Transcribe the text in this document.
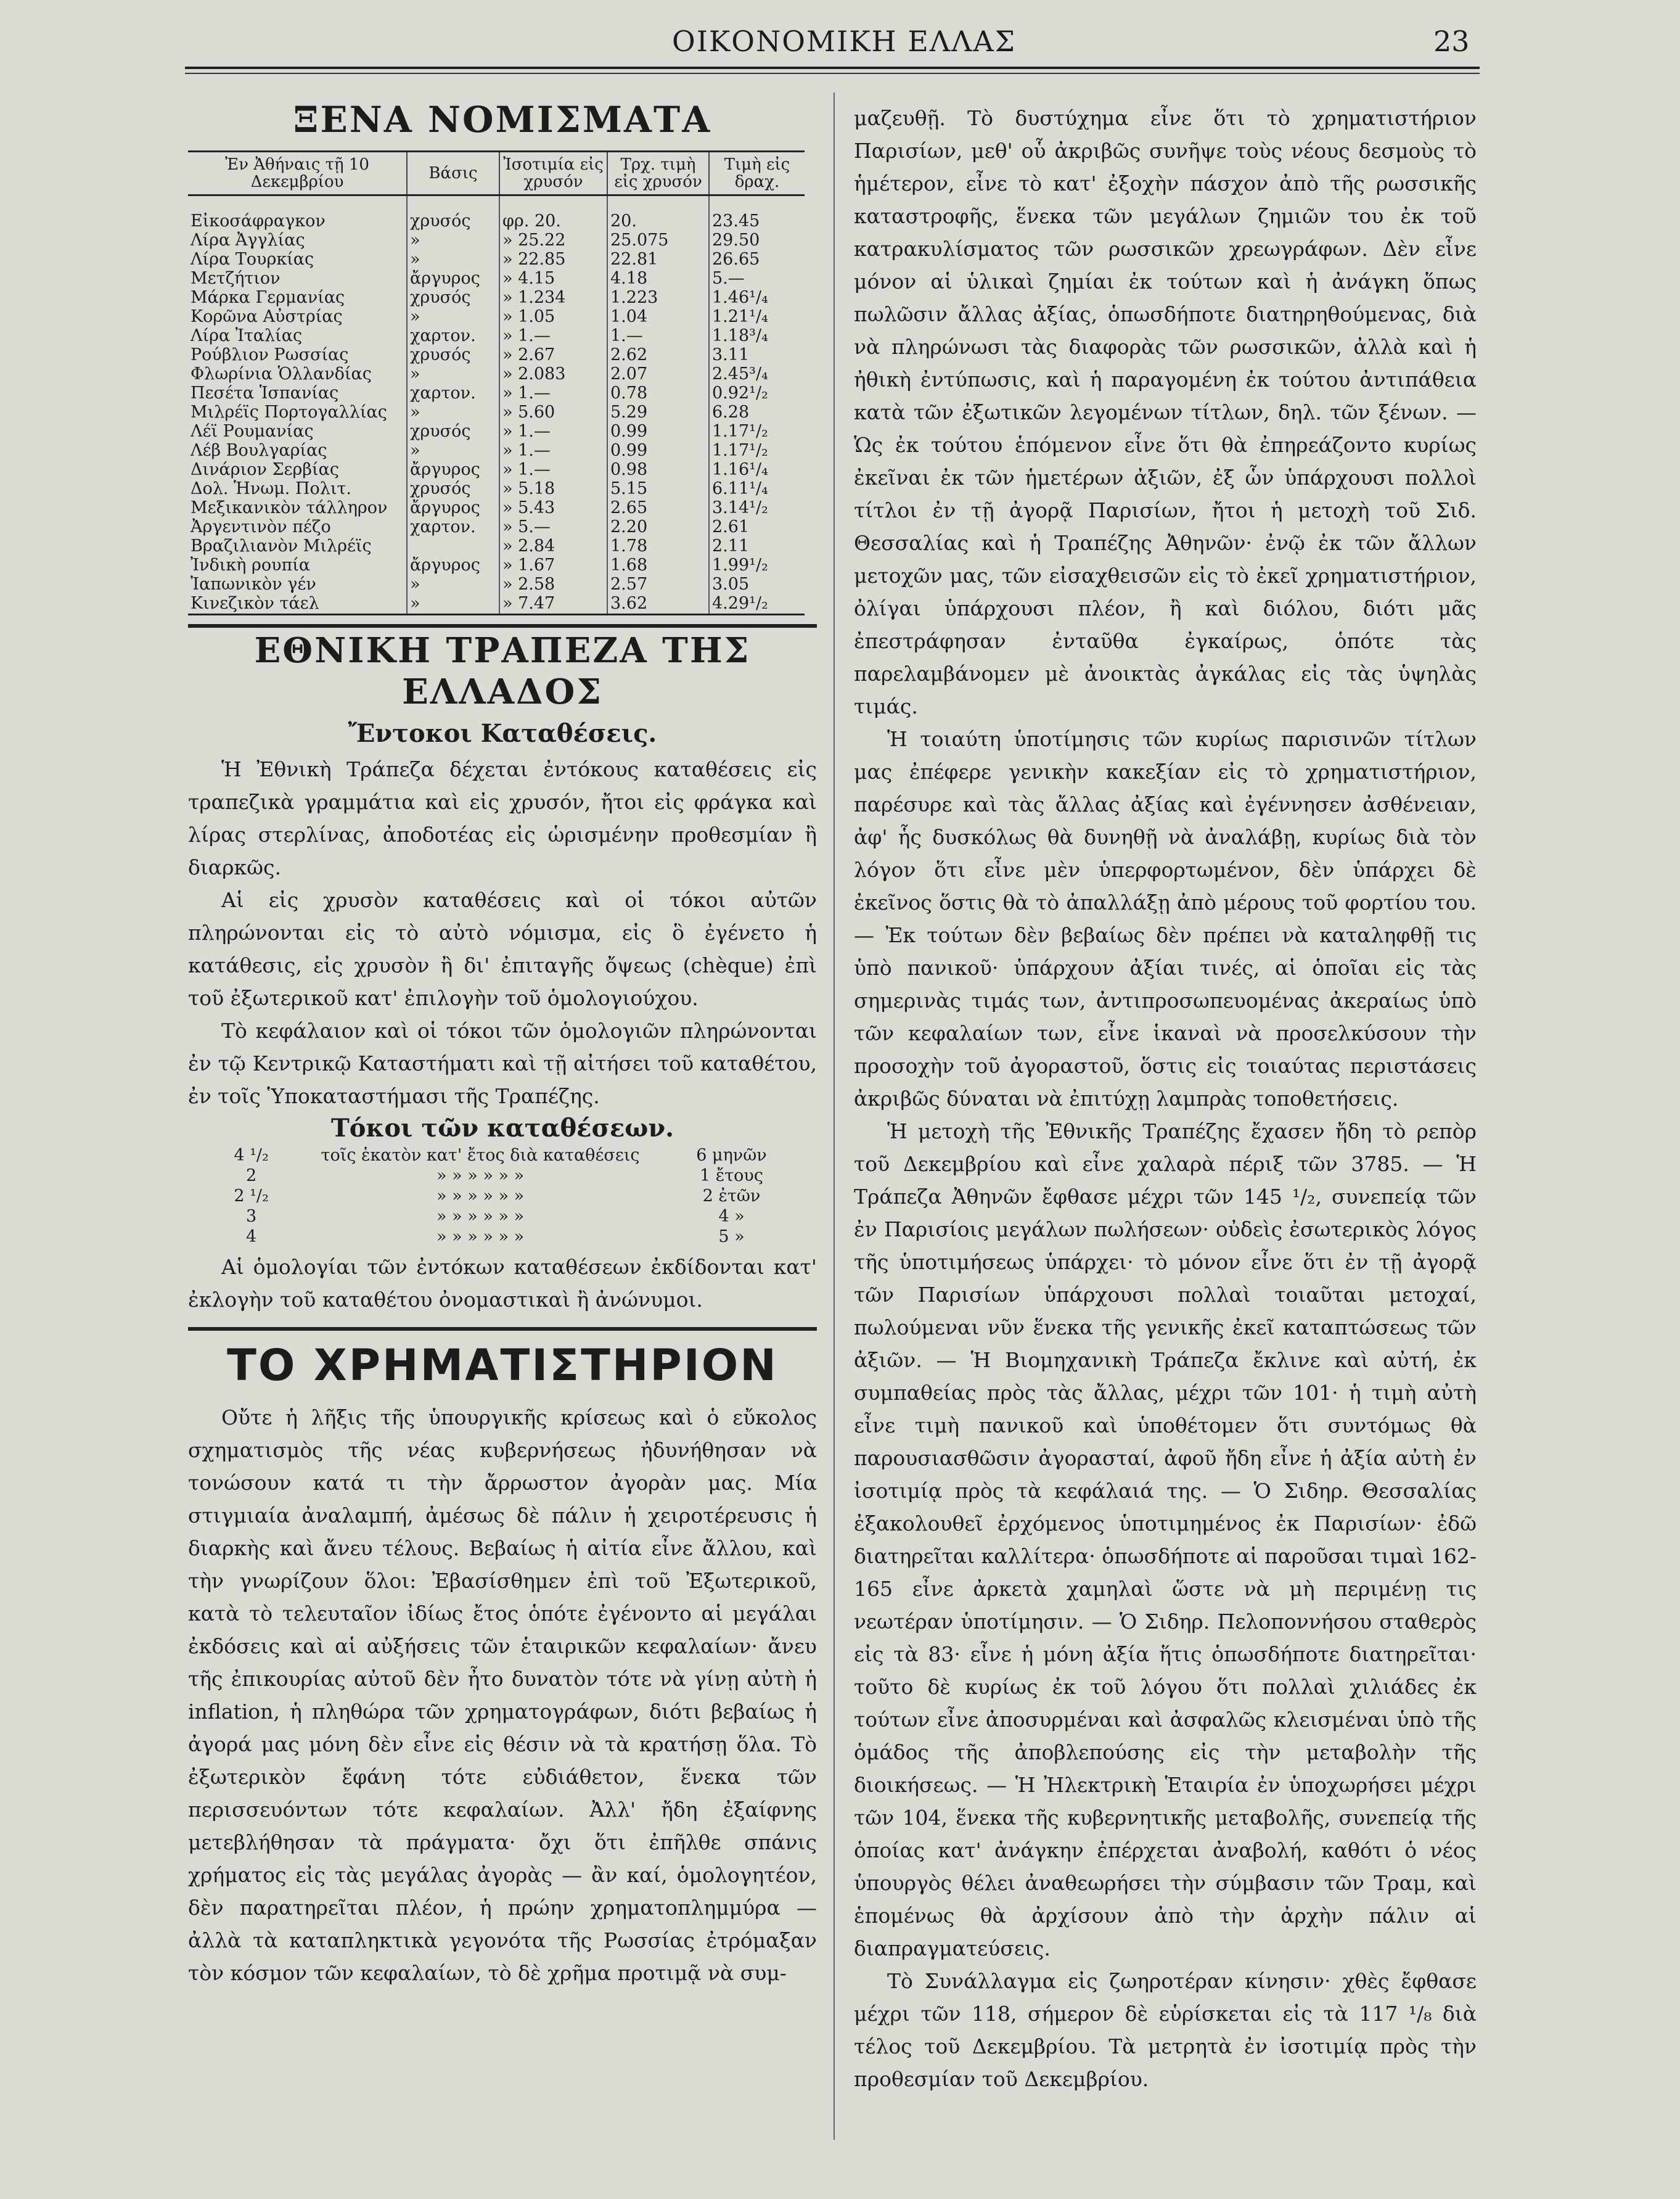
ΟΙΚΟΝΟΜΙΚΗ ΕΛΛΑΣ	23
ΞΕΝΑ ΝΟΜΙΣΜΑΤΑ
Ἐν Ἀθήναις τῇ 10 Δεκεμβρίου	Βάσις	Ἰσοτιμία εἰς χρυσόν	Τρχ. τιμὴ εἰς χρυσόν	Τιμὴ εἰς δραχ.
Εἰκοσάφραγκον	χρυσός	φρ. 20.	20.	23.45
Λίρα Ἀγγλίας	»	» 25.22	25.075	29.50
Λίρα Τουρκίας	»	» 22.85	22.81	26.65
Μετζήτιον	ἄργυρος	» 4.15	4.18	5.—
Μάρκα Γερμανίας	χρυσός	» 1.234	1.223	1.46¹/₄
Κορῶνα Αὐστρίας	»	» 1.05	1.04	1.21¹/₄
Λίρα Ἰταλίας	χαρτον.	» 1.—	1.—	1.18³/₄
Ρούβλιον Ρωσσίας	χρυσός	» 2.67	2.62	3.11
Φλωρίνια Ὁλλανδίας	»	» 2.083	2.07	2.45³/₄
Πεσέτα Ἱσπανίας	χαρτον.	» 1.—	0.78	0.92¹/₂
Μιλρέϊς Πορτογαλλίας	»	» 5.60	5.29	6.28
Λέϊ Ρουμανίας	χρυσός	» 1.—	0.99	1.17¹/₂
Λέβ Βουλγαρίας	»	» 1.—	0.99	1.17¹/₂
Δινάριον Σερβίας	ἄργυρος	» 1.—	0.98	1.16¹/₄
Δολ. Ἡνωμ. Πολιτ.	χρυσός	» 5.18	5.15	6.11¹/₄
Μεξικανικὸν τάλληρον	ἄργυρος	» 5.43	2.65	3.14¹/₂
Ἀργεντινὸν πέζο	χαρτον.	» 5.—	2.20	2.61
Βραζιλιανὸν Μιλρέϊς		» 2.84	1.78	2.11
Ἰνδικὴ ρουπία	ἄργυρος	» 1.67	1.68	1.99¹/₂
Ἰαπωνικὸν γέν	»	» 2.58	2.57	3.05
Κινεζικὸν τάελ	»	» 7.47	3.62	4.29¹/₂
ΕΘΝΙΚΗ ΤΡΑΠΕΖΑ ΤΗΣ ΕΛΛΑΔΟΣ
Ἔντοκοι Καταθέσεις.

Ἡ Ἐθνικὴ Τράπεζα δέχεται ἐντόκους καταθέσεις εἰς τραπεζικὰ γραμμάτια καὶ εἰς χρυσόν, ἤτοι εἰς φράγκα καὶ λίρας στερλίνας, ἀποδοτέας εἰς ὡρισμένην προθεσμίαν ἢ διαρκῶς.

Αἱ εἰς χρυσὸν καταθέσεις καὶ οἱ τόκοι αὐτῶν πληρώνονται εἰς τὸ αὐτὸ νόμισμα, εἰς ὃ ἐγένετο ἡ κατάθεσις, εἰς χρυσὸν ἢ δι' ἐπιταγῆς ὄψεως (chèque) ἐπὶ τοῦ ἐξωτερικοῦ κατ' ἐπιλογὴν τοῦ ὁμολογιούχου.

Τὸ κεφάλαιον καὶ οἱ τόκοι τῶν ὁμολογιῶν πληρώνονται ἐν τῷ Κεντρικῷ Καταστήματι καὶ τῇ αἰτήσει τοῦ καταθέτου, ἐν τοῖς Ὑποκαταστήμασι τῆς Τραπέζης.

Τόκοι τῶν καταθέσεων.
4 ¹/₂	τοῖς ἑκατὸν κατ' ἔτος διὰ καταθέσεις	6 μηνῶν
2	» » » » » »	1 ἔτους
2 ¹/₂	» » » » » »	2 ἐτῶν
3	» » » » » »	4 »
4	» » » » » »	5 »

Αἱ ὁμολογίαι τῶν ἐντόκων καταθέσεων ἐκδίδονται κατ' ἐκλογὴν τοῦ καταθέτου ὀνομαστικαὶ ἢ ἀνώνυμοι.

ΤΟ ΧΡΗΜΑΤΙΣΤΗΡΙΟΝ

Οὔτε ἡ λῆξις τῆς ὑπουργικῆς κρίσεως καὶ ὁ εὔκολος σχηματισμὸς τῆς νέας κυβερνήσεως ἠδυνήθησαν νὰ τονώσουν κατά τι τὴν ἄρρωστον ἀγορὰν μας. Μία στιγμιαία ἀναλαμπή, ἀμέσως δὲ πάλιν ἡ χειροτέρευσις ἡ διαρκὴς καὶ ἄνευ τέλους. Βεβαίως ἡ αἰτία εἶνε ἄλλου, καὶ τὴν γνωρίζουν ὅλοι: Ἐβασίσθημεν ἐπὶ τοῦ Ἐξωτερικοῦ, κατὰ τὸ τελευταῖον ἰδίως ἔτος ὁπότε ἐγένοντο αἱ μεγάλαι ἐκδόσεις καὶ αἱ αὐξήσεις τῶν ἑταιρικῶν κεφαλαίων· ἄνευ τῆς ἐπικουρίας αὐτοῦ δὲν ἦτο δυνατὸν τότε νὰ γίνῃ αὐτὴ ἡ inflation, ἡ πληθώρα τῶν χρηματογράφων, διότι βεβαίως ἡ ἀγορά μας μόνη δὲν εἶνε εἰς θέσιν νὰ τὰ κρατήσῃ ὅλα. Τὸ ἐξωτερικὸν ἔφάνη τότε εὐδιάθετον, ἕνεκα τῶν περισσευόντων τότε κεφαλαίων. Ἀλλ' ἤδη ἐξαίφνης μετεβλήθησαν τὰ πράγματα· ὄχι ὅτι ἐπῆλθε σπάνις χρήματος εἰς τὰς μεγάλας ἀγορὰς — ἂν καί, ὁμολογητέον, δὲν παρατηρεῖται πλέον, ἡ πρώην χρηματοπλημμύρα — ἀλλὰ τὰ καταπληκτικὰ γεγονότα τῆς Ρωσσίας ἐτρόμαξαν τὸν κόσμον τῶν κεφαλαίων, τὸ δὲ χρῆμα προτιμᾷ νὰ συμ-

μαζευθῇ. Τὸ δυστύχημα εἶνε ὅτι τὸ χρηματιστήριον Παρισίων, μεθ' οὗ ἀκριβῶς συνῆψε τοὺς νέους δεσμοὺς τὸ ἡμέτερον, εἶνε τὸ κατ' ἐξοχὴν πάσχον ἀπὸ τῆς ρωσσικῆς καταστροφῆς, ἕνεκα τῶν μεγάλων ζημιῶν του ἐκ τοῦ κατρακυλίσματος τῶν ρωσσικῶν χρεωγράφων. Δὲν εἶνε μόνον αἱ ὑλικαὶ ζημίαι ἐκ τούτων καὶ ἡ ἀνάγκη ὅπως πωλῶσιν ἄλλας ἀξίας, ὁπωσδήποτε διατηρηθούμενας, διὰ νὰ πληρώνωσι τὰς διαφορὰς τῶν ρωσσικῶν, ἀλλὰ καὶ ἡ ἠθικὴ ἐντύπωσις, καὶ ἡ παραγομένη ἐκ τούτου ἀντιπάθεια κατὰ τῶν ἐξωτικῶν λεγομένων τίτλων, δηλ. τῶν ξένων. — Ὡς ἐκ τούτου ἑπόμενον εἶνε ὅτι θὰ ἐπηρεάζοντο κυρίως ἐκεῖναι ἐκ τῶν ἡμετέρων ἀξιῶν, ἐξ ὧν ὑπάρχουσι πολλοὶ τίτλοι ἐν τῇ ἀγορᾷ Παρισίων, ἤτοι ἡ μετοχὴ τοῦ Σιδ. Θεσσαλίας καὶ ἡ Τραπέζης Ἀθηνῶν· ἐνῷ ἐκ τῶν ἄλλων μετοχῶν μας, τῶν εἰσαχθεισῶν εἰς τὸ ἐκεῖ χρηματιστήριον, ὀλίγαι ὑπάρχουσι πλέον, ἢ καὶ διόλου, διότι μᾶς ἐπεστράφησαν ἐνταῦθα ἐγκαίρως, ὁπότε τὰς παρελαμβάνομεν μὲ ἀνοικτὰς ἀγκάλας εἰς τὰς ὑψηλὰς τιμάς.

Ἡ τοιαύτη ὑποτίμησις τῶν κυρίως παρισινῶν τίτλων μας ἐπέφερε γενικὴν κακεξίαν εἰς τὸ χρηματιστήριον, παρέσυρε καὶ τὰς ἄλλας ἀξίας καὶ ἐγέννησεν ἀσθένειαν, ἀφ' ἧς δυσκόλως θὰ δυνηθῇ νὰ ἀναλάβῃ, κυρίως διὰ τὸν λόγον ὅτι εἶνε μὲν ὑπερφορτωμένον, δὲν ὑπάρχει δὲ ἐκεῖνος ὅστις θὰ τὸ ἀπαλλάξῃ ἀπὸ μέρους τοῦ φορτίου του. — Ἐκ τούτων δὲν βεβαίως δὲν πρέπει νὰ καταληφθῇ τις ὑπὸ πανικοῦ· ὑπάρχουν ἀξίαι τινές, αἱ ὁποῖαι εἰς τὰς σημερινὰς τιμάς των, ἀντιπροσωπευομένας ἀκεραίως ὑπὸ τῶν κεφαλαίων των, εἶνε ἱκαναὶ νὰ προσελκύσουν τὴν προσοχὴν τοῦ ἀγοραστοῦ, ὅστις εἰς τοιαύτας περιστάσεις ἀκριβῶς δύναται νὰ ἐπιτύχῃ λαμπρὰς τοποθετήσεις.

Ἡ μετοχὴ τῆς Ἐθνικῆς Τραπέζης ἔχασεν ἤδη τὸ ρεπὸρ τοῦ Δεκεμβρίου καὶ εἶνε χαλαρὰ πέριξ τῶν 3785. — Ἡ Τράπεζα Ἀθηνῶν ἔφθασε μέχρι τῶν 145 ¹/₂, συνεπείᾳ τῶν ἐν Παρισίοις μεγάλων πωλήσεων· οὐδεὶς ἐσωτερικὸς λόγος τῆς ὑποτιμήσεως ὑπάρχει· τὸ μόνον εἶνε ὅτι ἐν τῇ ἀγορᾷ τῶν Παρισίων ὑπάρχουσι πολλαὶ τοιαῦται μετοχαί, πωλούμεναι νῦν ἕνεκα τῆς γενικῆς ἐκεῖ καταπτώσεως τῶν ἀξιῶν. — Ἡ Βιομηχανικὴ Τράπεζα ἔκλινε καὶ αὐτή, ἐκ συμπαθείας πρὸς τὰς ἄλλας, μέχρι τῶν 101· ἡ τιμὴ αὐτὴ εἶνε τιμὴ πανικοῦ καὶ ὑποθέτομεν ὅτι συντόμως θὰ παρουσιασθῶσιν ἀγορασταί, ἀφοῦ ἤδη εἶνε ἡ ἀξία αὐτὴ ἐν ἰσοτιμίᾳ πρὸς τὰ κεφάλαιά της. — Ὁ Σιδηρ. Θεσσαλίας ἐξακολουθεῖ ἐρχόμενος ὑποτιμημένος ἐκ Παρισίων· ἐδῶ διατηρεῖται καλλίτερα· ὁπωσδήποτε αἱ παροῦσαι τιμαὶ 162-165 εἶνε ἀρκετὰ χαμηλαὶ ὥστε νὰ μὴ περιμένῃ τις νεωτέραν ὑποτίμησιν. — Ὁ Σιδηρ. Πελοποννήσου σταθερὸς εἰς τὰ 83· εἶνε ἡ μόνη ἀξία ἥτις ὁπωσδήποτε διατηρεῖται· τοῦτο δὲ κυρίως ἐκ τοῦ λόγου ὅτι πολλαὶ χιλιάδες ἐκ τούτων εἶνε ἀποσυρμέναι καὶ ἀσφαλῶς κλεισμέναι ὑπὸ τῆς ὁμάδος τῆς ἀποβλεπούσης εἰς τὴν μεταβολὴν τῆς διοικήσεως. — Ἡ Ἠλεκτρικὴ Ἑταιρία ἐν ὑποχωρήσει μέχρι τῶν 104, ἕνεκα τῆς κυβερνητικῆς μεταβολῆς, συνεπείᾳ τῆς ὁποίας κατ' ἀνάγκην ἐπέρχεται ἀναβολή, καθότι ὁ νέος ὑπουργὸς θέλει ἀναθεωρήσει τὴν σύμβασιν τῶν Τραμ, καὶ ἑπομένως θὰ ἀρχίσουν ἀπὸ τὴν ἀρχὴν πάλιν αἱ διαπραγματεύσεις.

Τὸ Συνάλλαγμα εἰς ζωηροτέραν κίνησιν· χθὲς ἔφθασε μέχρι τῶν 118, σήμερον δὲ εὑρίσκεται εἰς τὰ 117 ¹/₈ διὰ τέλος τοῦ Δεκεμβρίου. Τὰ μετρητὰ ἐν ἰσοτιμίᾳ πρὸς τὴν προθεσμίαν τοῦ Δεκεμβρίου.
